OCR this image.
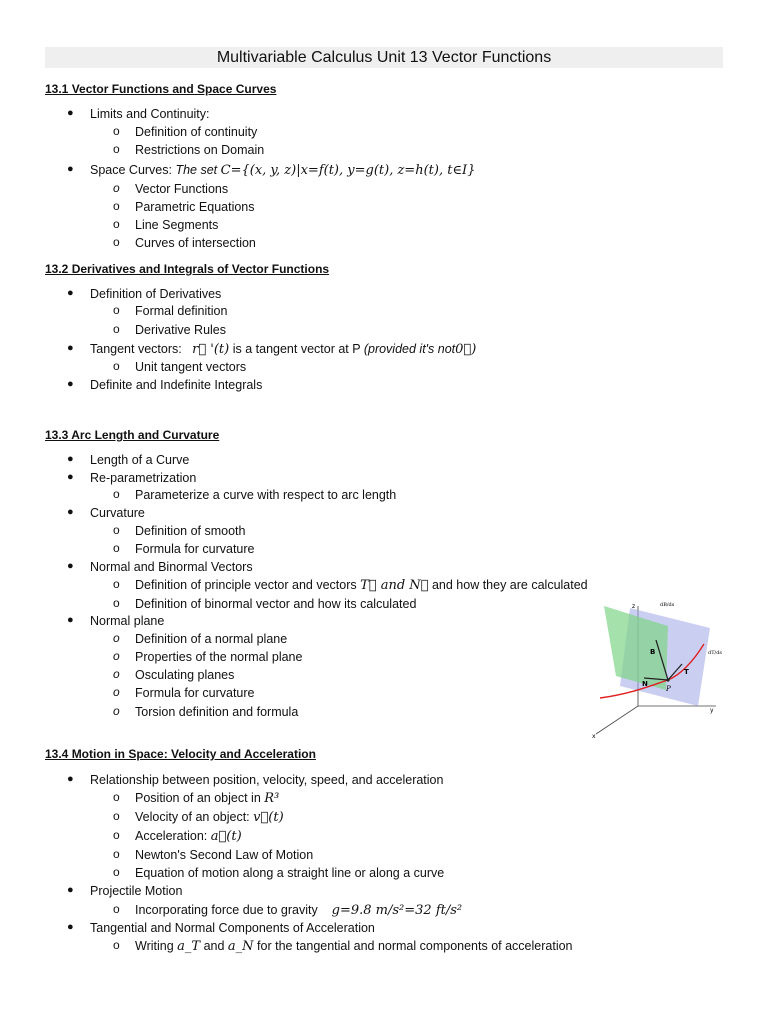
Multivariable Calculus Unit 13 Vector Functions
13.1 Vector Functions and Space Curves
● Limits and Continuity:
o Definition of continuity
o Restrictions on Domain
● Space Curves: The set C={(x, y, z)|x=f(t), y=g(t), z=h(t), t∈I}
o Vector Functions
o Parametric Equations
o Line Segments
o Curves of intersection
13.2 Derivatives and Integrals of Vector Functions
● Definition of Derivatives
o Formal definition
o Derivative Rules
● Tangent vectors: r⃗ '(t) is a tangent vector at P (provided it's not0⃗)
o Unit tangent vectors
● Definite and Indefinite Integrals
13.3 Arc Length and Curvature
● Length of a Curve
● Re-parametrization
o Parameterize a curve with respect to arc length
● Curvature
o Definition of smooth
o Formula for curvature
● Normal and Binormal Vectors
o Definition of principle vector and vectors T⃗ and N⃗ and how they are calculated
o Definition of binormal vector and how its calculated
● Normal plane
o Definition of a normal plane
o Properties of the normal plane
o Osculating planes
o Formula for curvature
o Torsion definition and formula
z	dB/ds
dT/ds
B
T
N
P
y
x
13.4 Motion in Space: Velocity and Acceleration
● Relationship between position, velocity, speed, and acceleration
o Position of an object in R³
o Velocity of an object: v⃗(t)
o Acceleration: a⃗(t)
o Newton's Second Law of Motion
o Equation of motion along a straight line or along a curve
● Projectile Motion
o Incorporating force due to gravity g=9.8 m/s²=32 ft/s²
● Tangential and Normal Components of Acceleration
o Writing a_T and a_N for the tangential and normal components of acceleration
